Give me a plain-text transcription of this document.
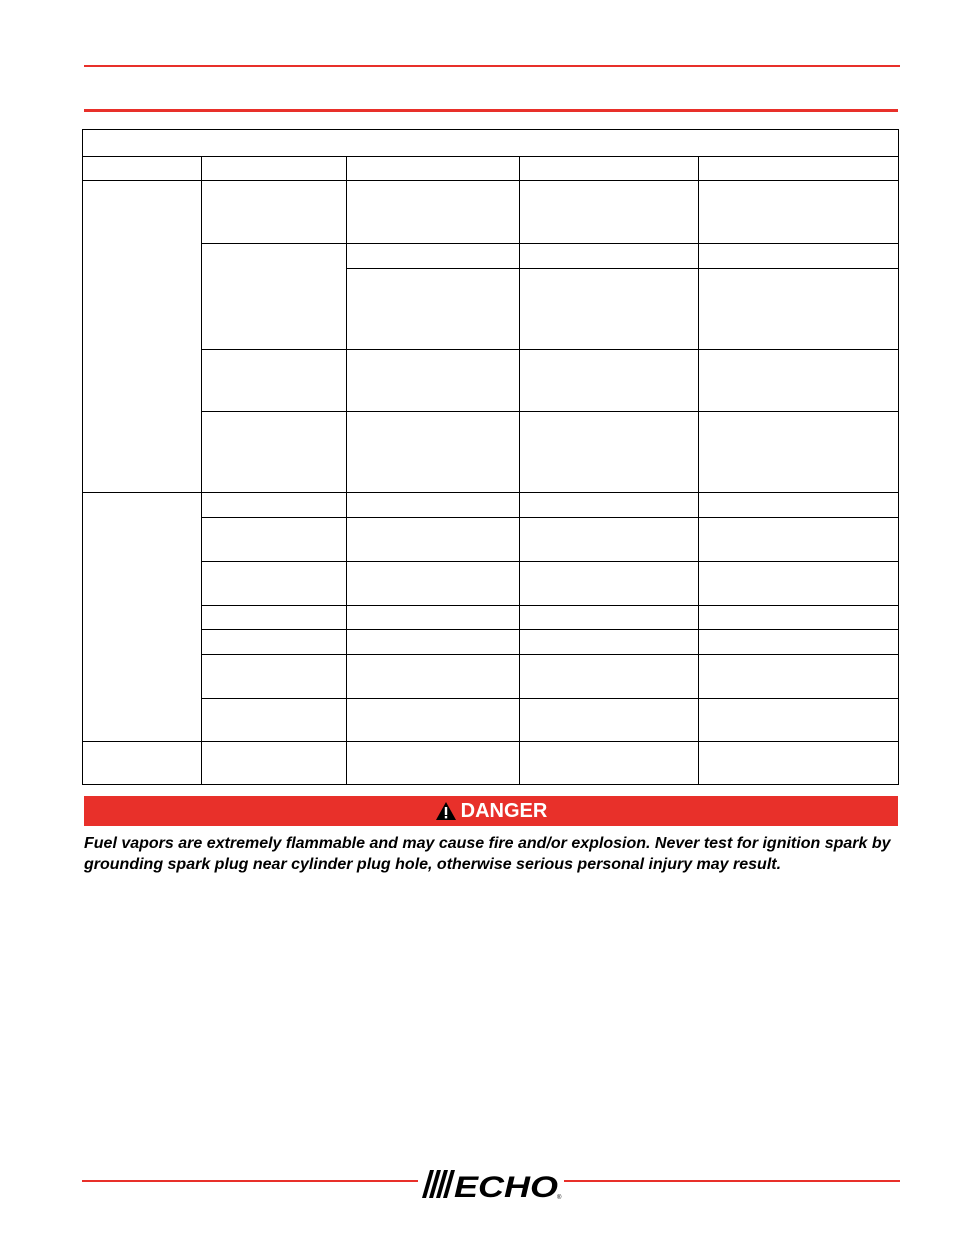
DANGER
Fuel vapors are extremely flammable and may cause fire and/or explosion. Never test for ignition spark by grounding spark plug near cylinder plug hole, otherwise serious personal injury may result.
ECHO ®
